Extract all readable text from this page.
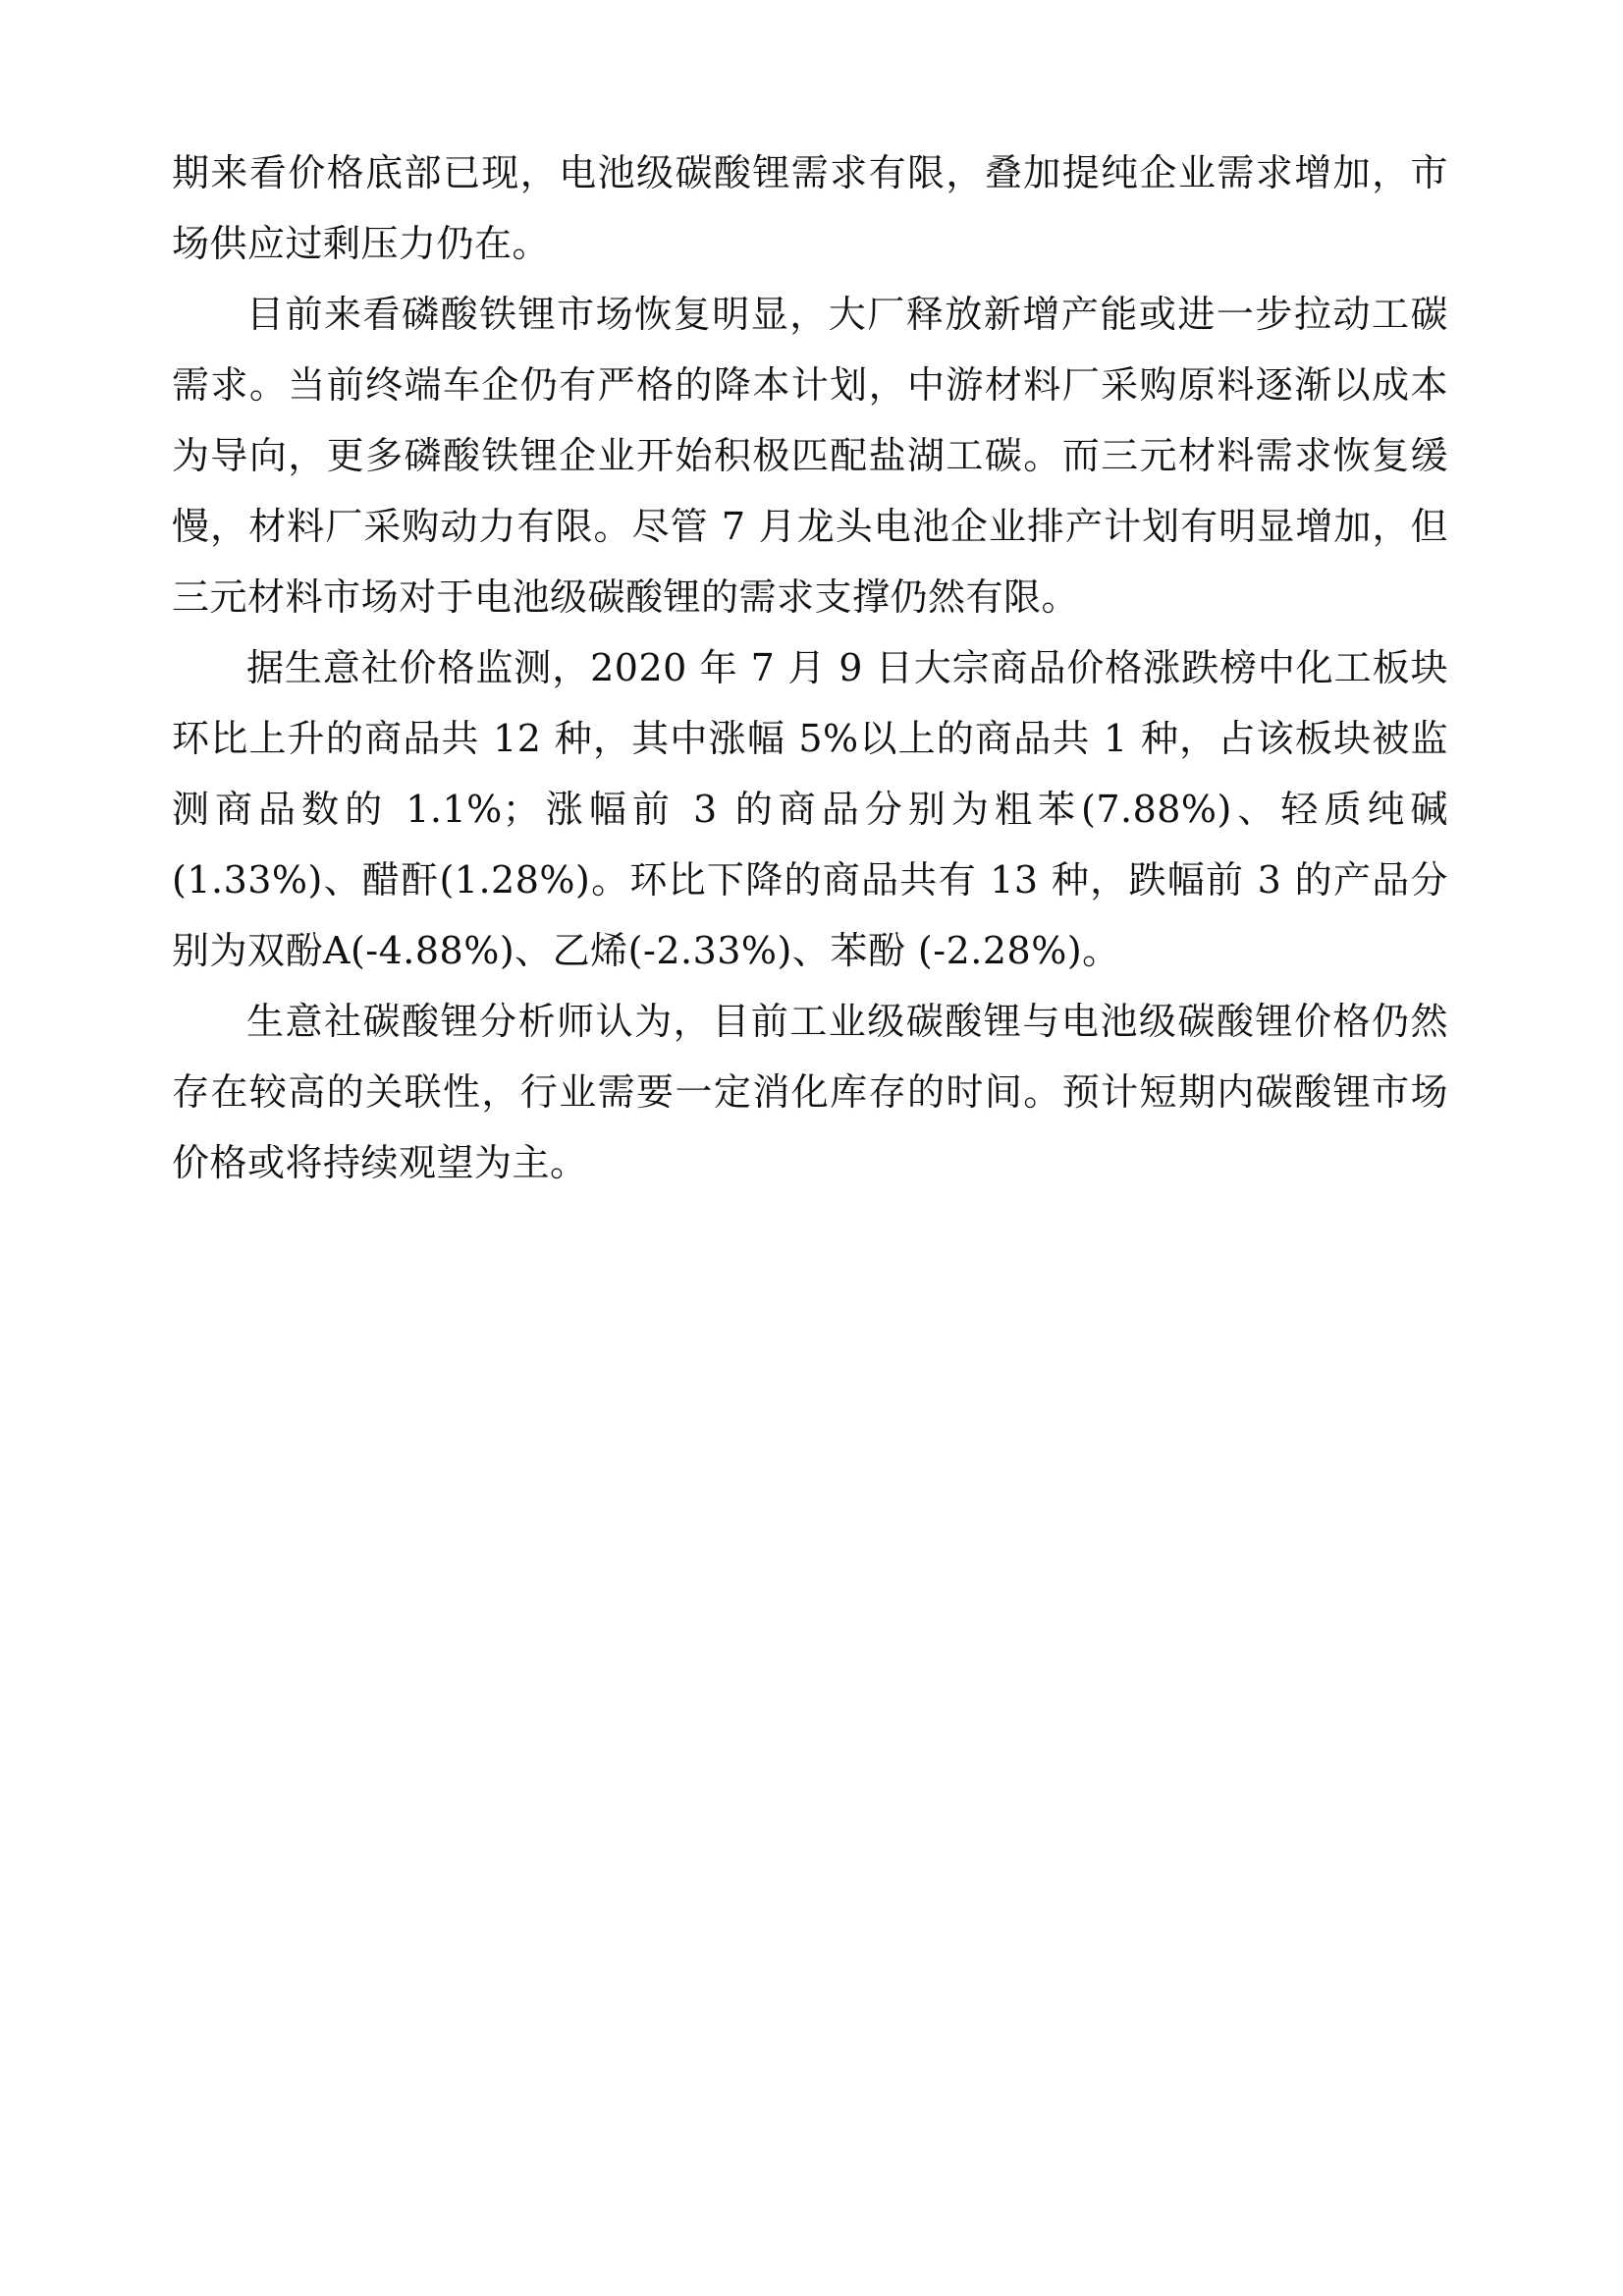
期来看价格底部已现，电池级碳酸锂需求有限，叠加提纯企业需求增加，市场供应过剩压力仍在。

目前来看磷酸铁锂市场恢复明显，大厂释放新增产能或进一步拉动工碳需求。当前终端车企仍有严格的降本计划，中游材料厂采购原料逐渐以成本为导向，更多磷酸铁锂企业开始积极匹配盐湖工碳。而三元材料需求恢复缓慢，材料厂采购动力有限。尽管 7 月龙头电池企业排产计划有明显增加，但三元材料市场对于电池级碳酸锂的需求支撑仍然有限。

据生意社价格监测，2020 年 7 月 9 日大宗商品价格涨跌榜中化工板块环比上升的商品共 12 种，其中涨幅 5%以上的商品共 1 种，占该板块被监测商品数的 1.1%；涨幅前 3 的商品分别为粗苯(7.88%)、轻质纯碱(1.33%)、醋酐(1.28%)。环比下降的商品共有 13 种，跌幅前 3 的产品分别为双酚A(-4.88%)、乙烯(-2.33%)、苯酚 (-2.28%)。

生意社碳酸锂分析师认为，目前工业级碳酸锂与电池级碳酸锂价格仍然存在较高的关联性，行业需要一定消化库存的时间。预计短期内碳酸锂市场价格或将持续观望为主。
